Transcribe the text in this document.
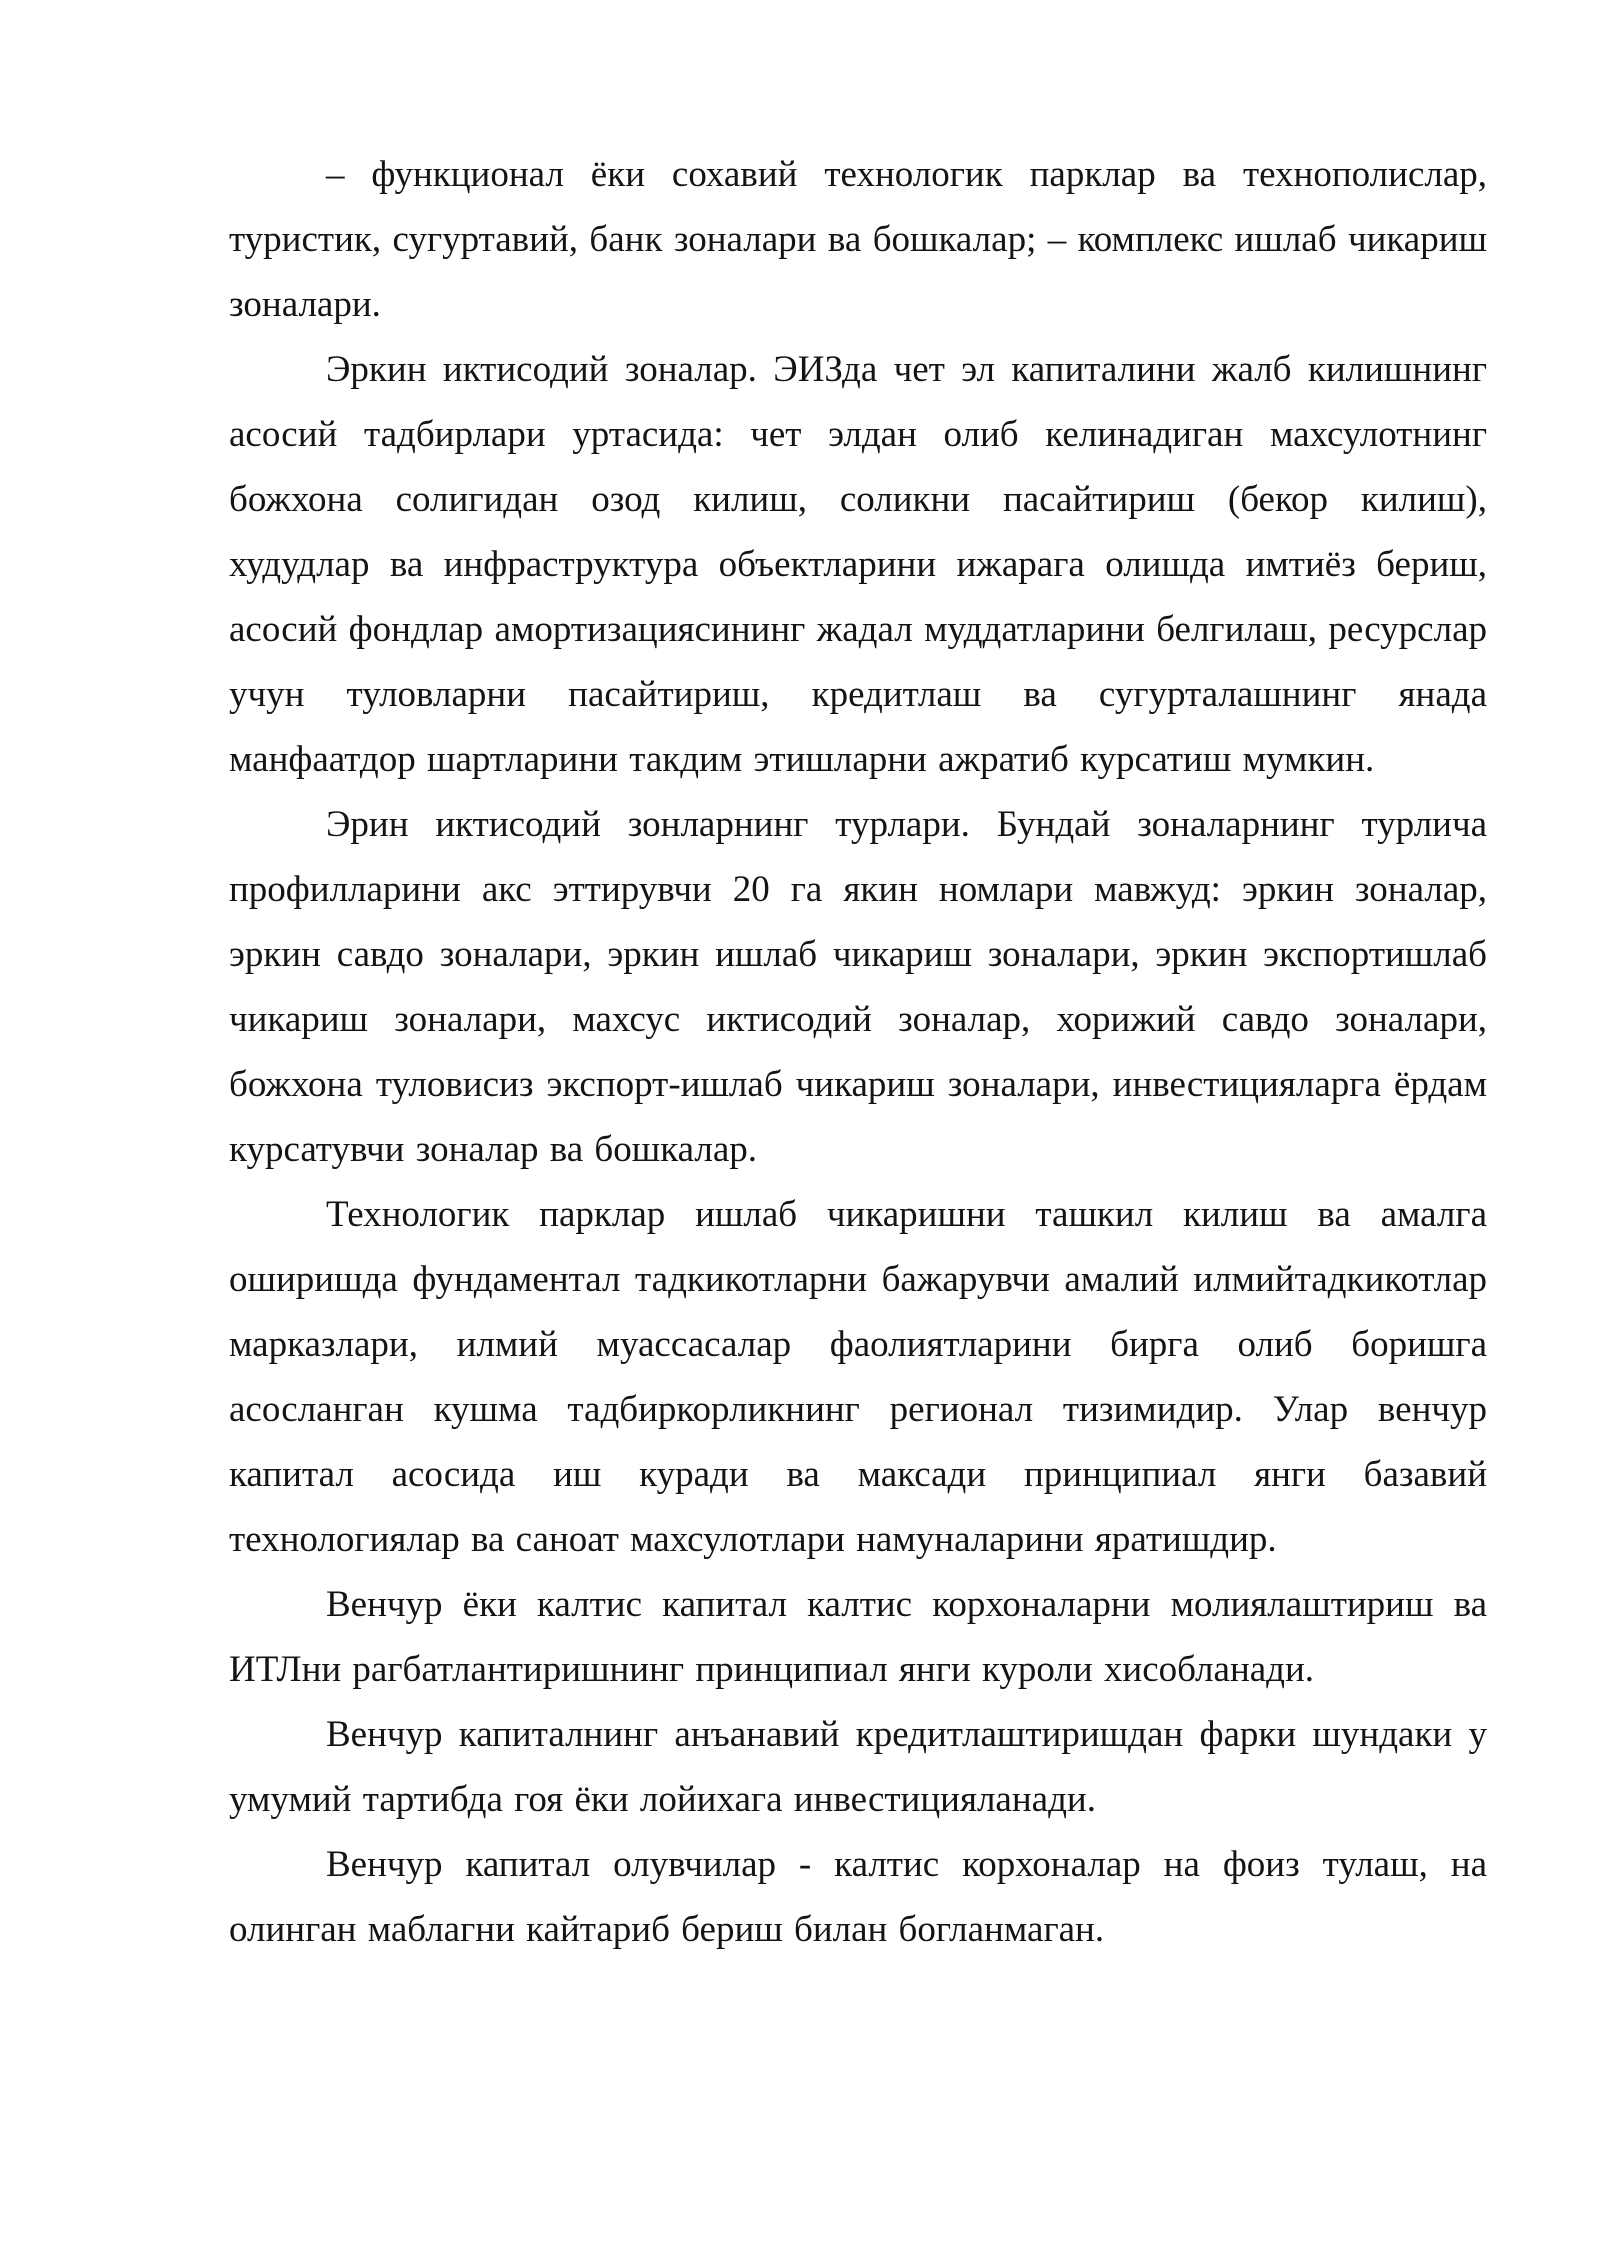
– функционал ёки сохавий технологик парклар ва технополислар, туристик, сугуртавий, банк зоналари ва бошкалар; – комплекс ишлаб чикариш зоналари.

Эркин иктисодий зоналар. ЭИЗда чет эл капиталини жалб килишнинг асосий тадбирлари уртасида: чет элдан олиб келинадиган махсулотнинг божхона солигидан озод килиш, соликни пасайтириш (бекор килиш), худудлар ва инфраструктура объектларини ижарага олишда имтиёз бериш, асосий фондлар амортизациясининг жадал муддатларини белгилаш, ресурслар учун туловларни пасайтириш, кредитлаш ва сугурталашнинг янада манфаатдор шартларини такдим этишларни ажратиб курсатиш мумкин.

Эрин иктисодий зонларнинг турлари. Бундай зоналарнинг турлича профилларини акс эттирувчи 20 га якин номлари мавжуд: эркин зоналар, эркин савдо зоналари, эркин ишлаб чикариш зоналари, эркин экспортишлаб чикариш зоналари, махсус иктисодий зоналар, хорижий савдо зоналари, божхона туловисиз экспорт-ишлаб чикариш зоналари, инвестицияларга ёрдам курсатувчи зоналар ва бошкалар.

Технологик парклар ишлаб чикаришни ташкил килиш ва амалга оширишда фундаментал тадкикотларни бажарувчи амалий илмийтадкикотлар марказлари, илмий муассасалар фаолиятларини бирга олиб боришга асосланган кушма тадбиркорликнинг регионал тизимидир. Улар венчур капитал асосида иш куради ва максади принципиал янги базавий технологиялар ва саноат махсулотлари намуналарини яратишдир.

Венчур ёки калтис капитал калтис корхоналарни молиялаштириш ва ИТЛни рагбатлантиришнинг принципиал янги куроли хисобланади.

Венчур капиталнинг анъанавий кредитлаштиришдан фарки шундаки у умумий тартибда гоя ёки лойихага инвестицияланади.

Венчур капитал олувчилар - калтис корхоналар на фоиз тулаш, на олинган маблагни кайтариб бериш билан богланмаган.
